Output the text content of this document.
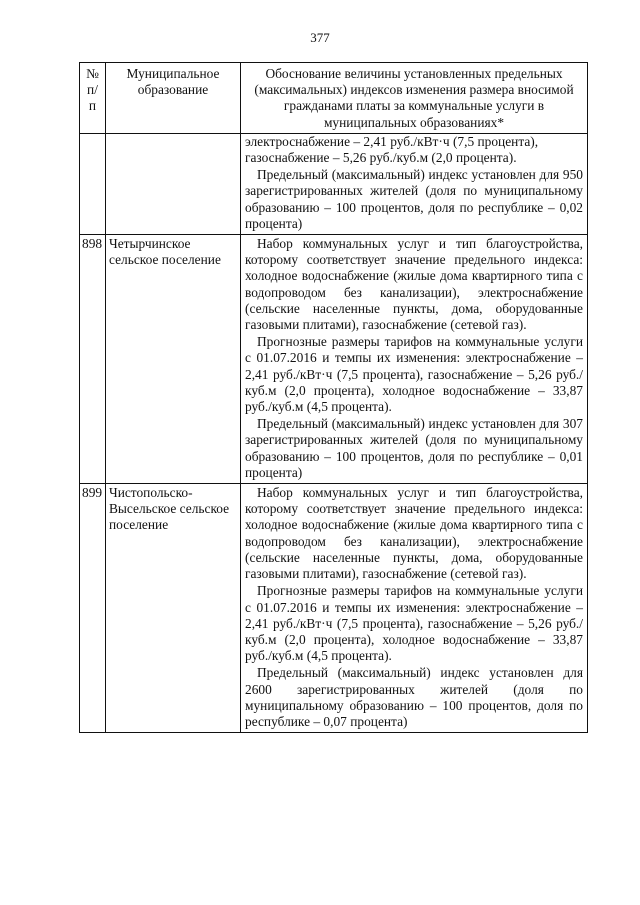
377
№ п/п	Муниципальное образование	Обоснование величины установленных предельных (максимальных) индексов изменения размера вносимой гражданами платы за коммунальные услуги в муниципальных образованиях*

		электроснабжение – 2,41 руб./кВт·ч (7,5 процента),
газоснабжение – 5,26 руб./куб.м (2,0 процента).
Предельный (максимальный) индекс установлен для 950 зарегистрированных жителей (доля по муниципальному образованию – 100 процентов, доля по республике – 0,02 процента)

898	Четырчинское сельское поселение	Набор коммунальных услуг и тип благоустройства, которому соответствует значение предельного индекса: холодное водоснабжение (жилые дома квартирного типа с водопроводом без канализации), электроснабжение (сельские населенные пункты, дома, оборудованные газовыми плитами), газоснабжение (сетевой газ).
Прогнозные размеры тарифов на коммунальные услуги с 01.07.2016 и темпы их изменения: электроснабжение – 2,41 руб./кВт·ч (7,5 процента), газоснабжение – 5,26 руб./куб.м (2,0 процента), холодное водоснабжение – 33,87 руб./куб.м (4,5 процента).
Предельный (максимальный) индекс установлен для 307 зарегистрированных жителей (доля по муниципальному образованию – 100 процентов, доля по республике – 0,01 процента)

899	Чистопольско-Высельское сельское поселение	Набор коммунальных услуг и тип благоустройства, которому соответствует значение предельного индекса: холодное водоснабжение (жилые дома квартирного типа с водопроводом без канализации), электроснабжение (сельские населенные пункты, дома, оборудованные газовыми плитами), газоснабжение (сетевой газ).
Прогнозные размеры тарифов на коммунальные услуги с 01.07.2016 и темпы их изменения: электроснабжение – 2,41 руб./кВт·ч (7,5 процента), газоснабжение – 5,26 руб./куб.м (2,0 процента), холодное водоснабжение – 33,87 руб./куб.м (4,5 процента).
Предельный (максимальный) индекс установлен для 2600 зарегистрированных жителей (доля по муниципальному образованию – 100 процентов, доля по республике – 0,07 процента)
